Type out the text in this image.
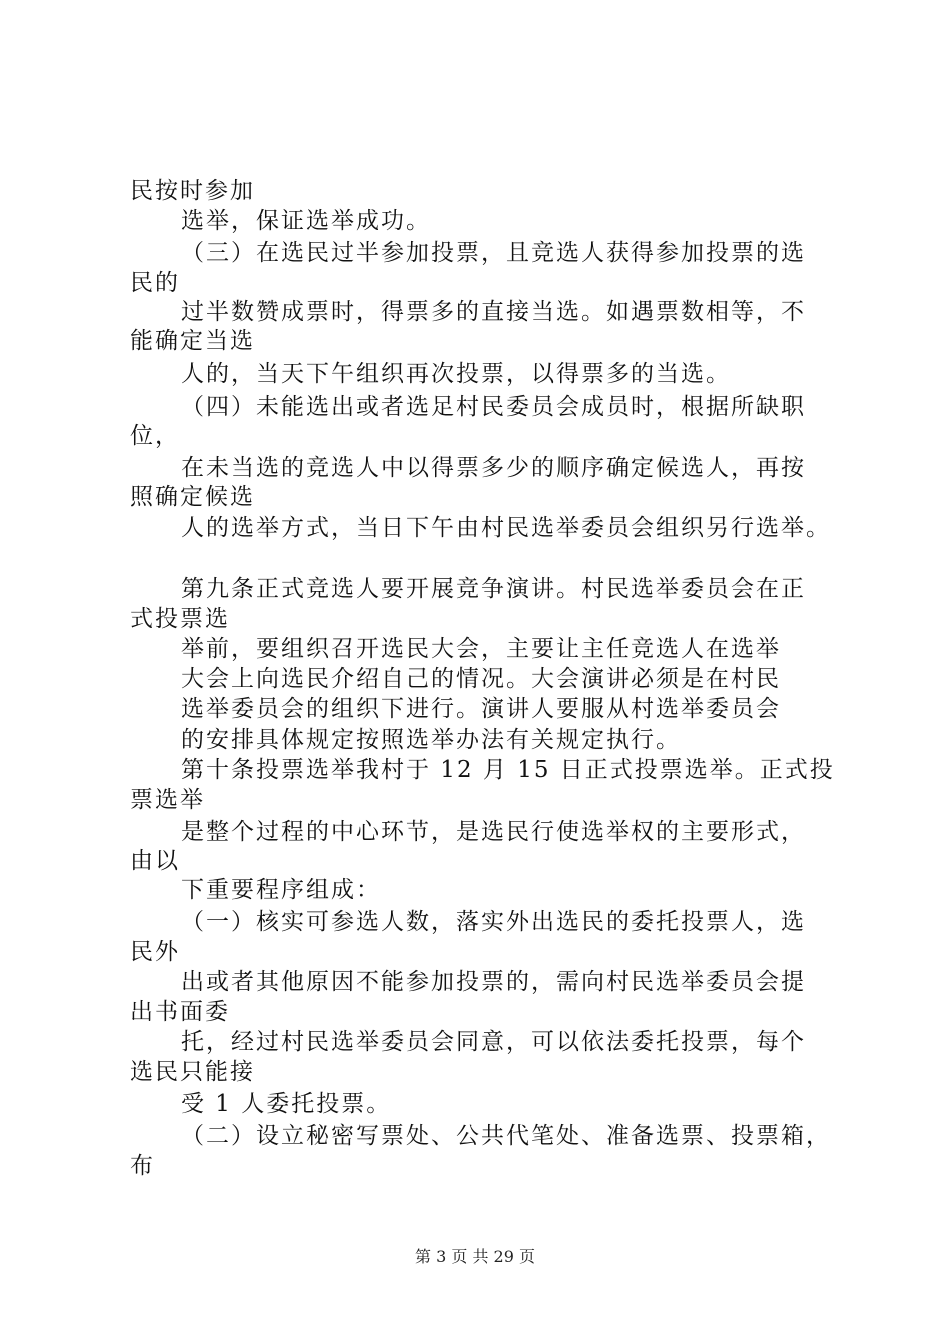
民按时参加
选举，保证选举成功。
（三）在选民过半参加投票，且竞选人获得参加投票的选
民的
过半数赞成票时，得票多的直接当选。如遇票数相等，不
能确定当选
人的，当天下午组织再次投票，以得票多的当选。
（四）未能选出或者选足村民委员会成员时，根据所缺职
位，
在未当选的竞选人中以得票多少的顺序确定候选人，再按
照确定候选
人的选举方式，当日下午由村民选举委员会组织另行选举。
第九条正式竞选人要开展竞争演讲。村民选举委员会在正
式投票选
举前，要组织召开选民大会，主要让主任竞选人在选举
大会上向选民介绍自己的情况。大会演讲必须是在村民
选举委员会的组织下进行。演讲人要服从村选举委员会
的安排具体规定按照选举办法有关规定执行。
第十条投票选举我村于 12 月 15 日正式投票选举。正式投
票选举
是整个过程的中心环节，是选民行使选举权的主要形式，
由以
下重要程序组成：
（一）核实可参选人数，落实外出选民的委托投票人，选
民外
出或者其他原因不能参加投票的，需向村民选举委员会提
出书面委
托，经过村民选举委员会同意，可以依法委托投票，每个
选民只能接
受 1 人委托投票。
（二）设立秘密写票处、公共代笔处、准备选票、投票箱，
布
第 3 页 共 29 页
